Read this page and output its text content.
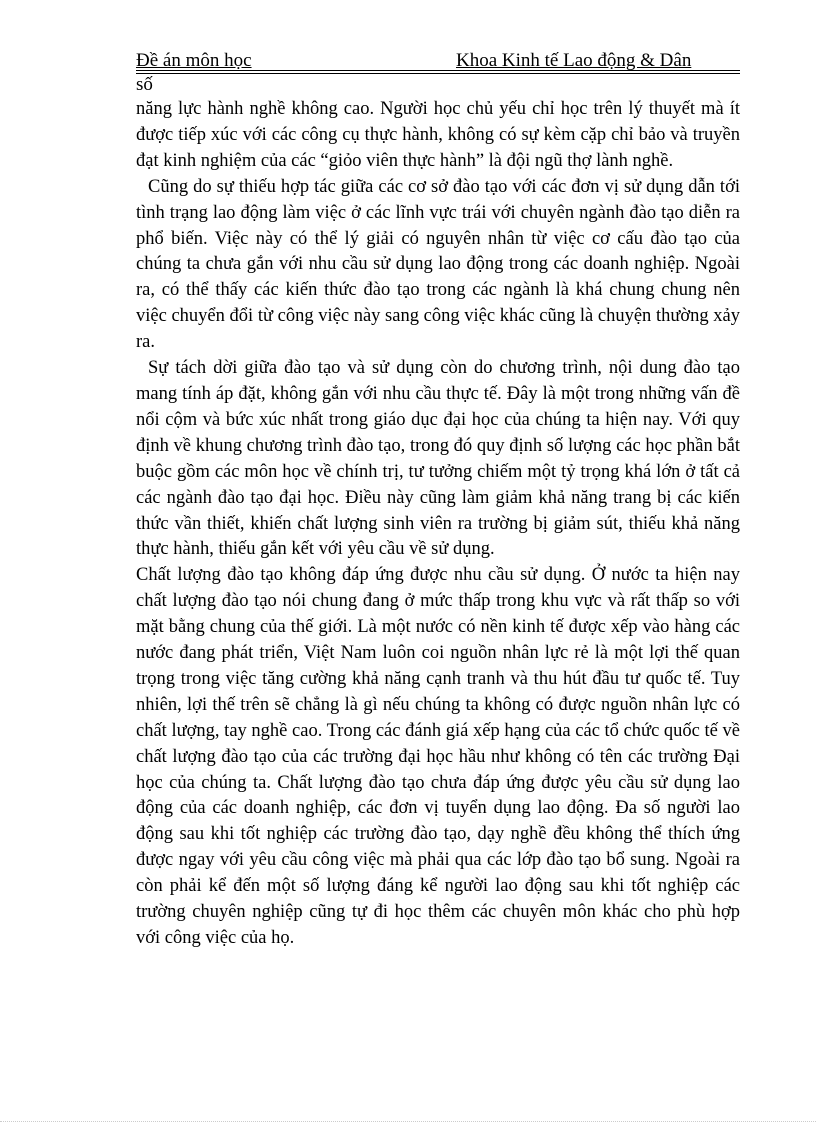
Đề án môn học	Khoa Kinh tế Lao động & Dân
số

năng lực hành nghề không cao. Người học chủ yếu chỉ học trên lý thuyết mà ít được tiếp xúc với các công cụ thực hành, không có sự kèm cặp chỉ bảo và truyền đạt kinh nghiệm của các “giỏo viên thực hành” là đội ngũ thợ lành nghề.

Cũng do sự thiếu hợp tác giữa các cơ sở đào tạo với các đơn vị sử dụng dẫn tới tình trạng lao động làm việc ở các lĩnh vực trái với chuyên ngành đào tạo diễn ra phổ biến. Việc này có thể lý giải có nguyên nhân từ việc cơ cấu đào tạo của chúng ta chưa gắn với nhu cầu sử dụng lao động trong các doanh nghiệp. Ngoài ra, có thể thấy các kiến thức đào tạo trong các ngành là khá chung chung nên việc chuyển đổi từ công việc này sang công việc khác cũng là chuyện thường xảy ra.

Sự tách dời giữa đào tạo và sử dụng còn do chương trình, nội dung đào tạo mang tính áp đặt, không gắn với nhu cầu thực tế. Đây là một trong những vấn đề nổi cộm và bức xúc nhất trong giáo dục đại học của chúng ta hiện nay. Với quy định về khung chương trình đào tạo, trong đó quy định số lượng các học phần bắt buộc gồm các môn học về chính trị, tư tưởng chiếm một tỷ trọng khá lớn ở tất cả các ngành đào tạo đại học. Điều này cũng làm giảm khả năng trang bị các kiến thức vần thiết, khiến chất lượng sinh viên ra trường bị giảm sút, thiếu khả năng thực hành, thiếu gắn kết với yêu cầu về sử dụng.

Chất lượng đào tạo không đáp ứng được nhu cầu sử dụng. Ở nước ta hiện nay chất lượng đào tạo nói chung đang ở mức thấp trong khu vực và rất thấp so với mặt bằng chung của thế giới. Là một nước có nền kinh tế được xếp vào hàng các nước đang phát triển, Việt Nam luôn coi nguồn nhân lực rẻ là một lợi thế quan trọng trong việc tăng cường khả năng cạnh tranh và thu hút đầu tư quốc tế. Tuy nhiên, lợi thế trên sẽ chẳng là gì nếu chúng ta không có được nguồn nhân lực có chất lượng, tay nghề cao. Trong các đánh giá xếp hạng của các tổ chức quốc tế về chất lượng đào tạo của các trường đại học hầu như không có tên các trường Đại học của chúng ta. Chất lượng đào tạo chưa đáp ứng được yêu cầu sử dụng lao động của các doanh nghiệp, các đơn vị tuyển dụng lao động. Đa số người lao động sau khi tốt nghiệp các trường đào tạo, dạy nghề đều không thể thích ứng được ngay với yêu cầu công việc mà phải qua các lớp đào tạo bổ sung. Ngoài ra còn phải kể đến một số lượng đáng kể người lao động sau khi tốt nghiệp các trường chuyên nghiệp cũng tự đi học thêm các chuyên môn khác cho phù hợp với công việc của họ.
